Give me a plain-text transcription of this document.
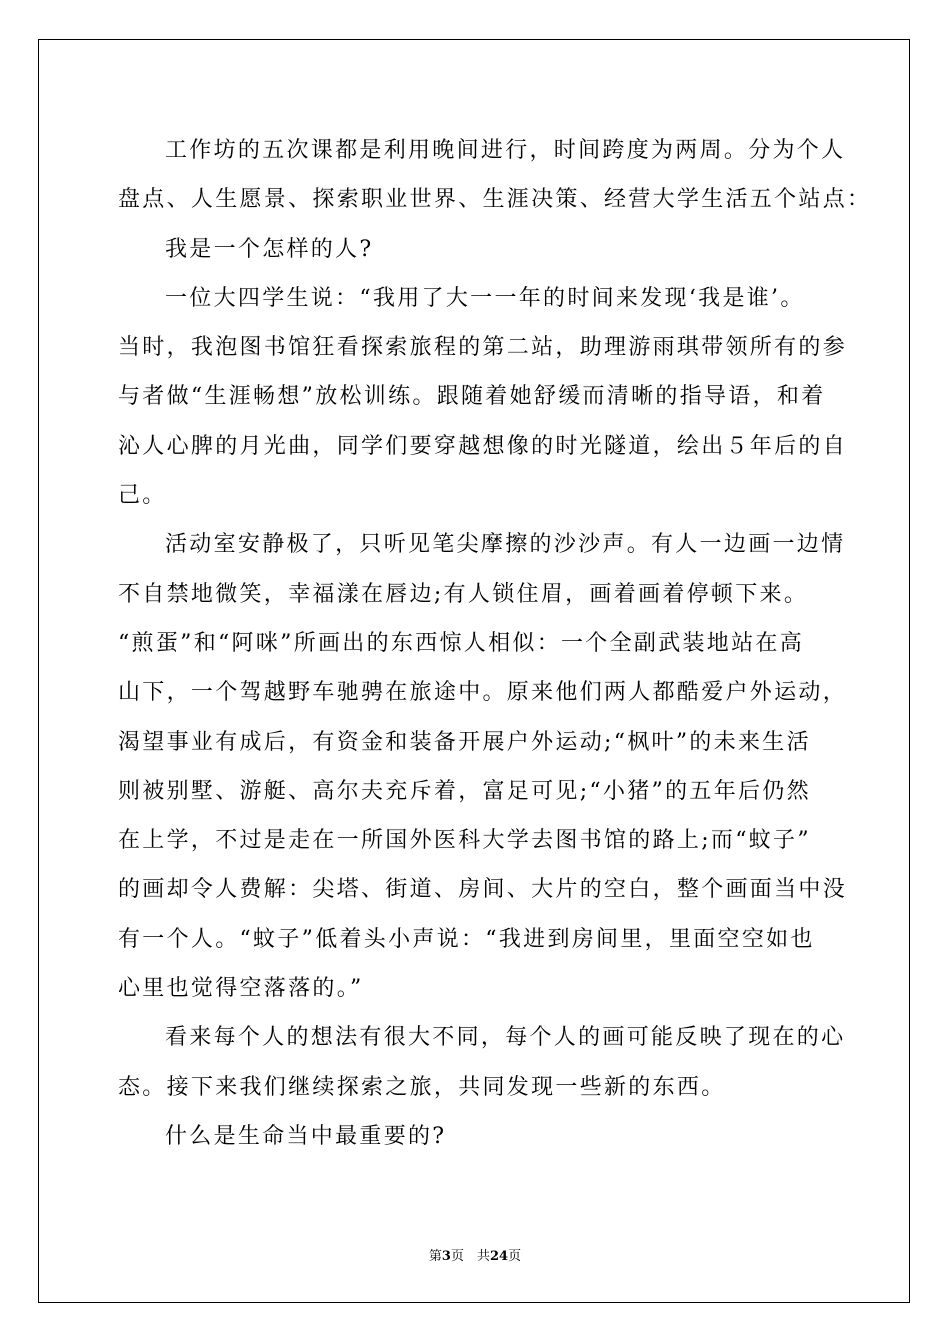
工作坊的五次课都是利用晚间进行，时间跨度为两周。分为个人
盘点、人生愿景、探索职业世界、生涯决策、经营大学生活五个站点：
我是一个怎样的人?
一位大四学生说：“我用了大一一年的时间来发现‘我是谁’。
当时，我泡图书馆狂看探索旅程的第二站，助理游雨琪带领所有的参
与者做“生涯畅想”放松训练。跟随着她舒缓而清晰的指导语，和着
沁人心脾的月光曲，同学们要穿越想像的时光隧道，绘出５年后的自
己。
活动室安静极了，只听见笔尖摩擦的沙沙声。有人一边画一边情
不自禁地微笑，幸福漾在唇边;有人锁住眉，画着画着停顿下来。
“煎蛋”和“阿咪”所画出的东西惊人相似：一个全副武装地站在高
山下，一个驾越野车驰骋在旅途中。原来他们两人都酷爱户外运动，
渴望事业有成后，有资金和装备开展户外运动;“枫叶”的未来生活
则被别墅、游艇、高尔夫充斥着，富足可见;“小猪”的五年后仍然
在上学，不过是走在一所国外医科大学去图书馆的路上;而“蚊子”
的画却令人费解：尖塔、街道、房间、大片的空白，整个画面当中没
有一个人。“蚊子”低着头小声说：“我进到房间里，里面空空如也
心里也觉得空落落的。”
看来每个人的想法有很大不同，每个人的画可能反映了现在的心
态。接下来我们继续探索之旅，共同发现一些新的东西。
什么是生命当中最重要的?
第3页　共24页
